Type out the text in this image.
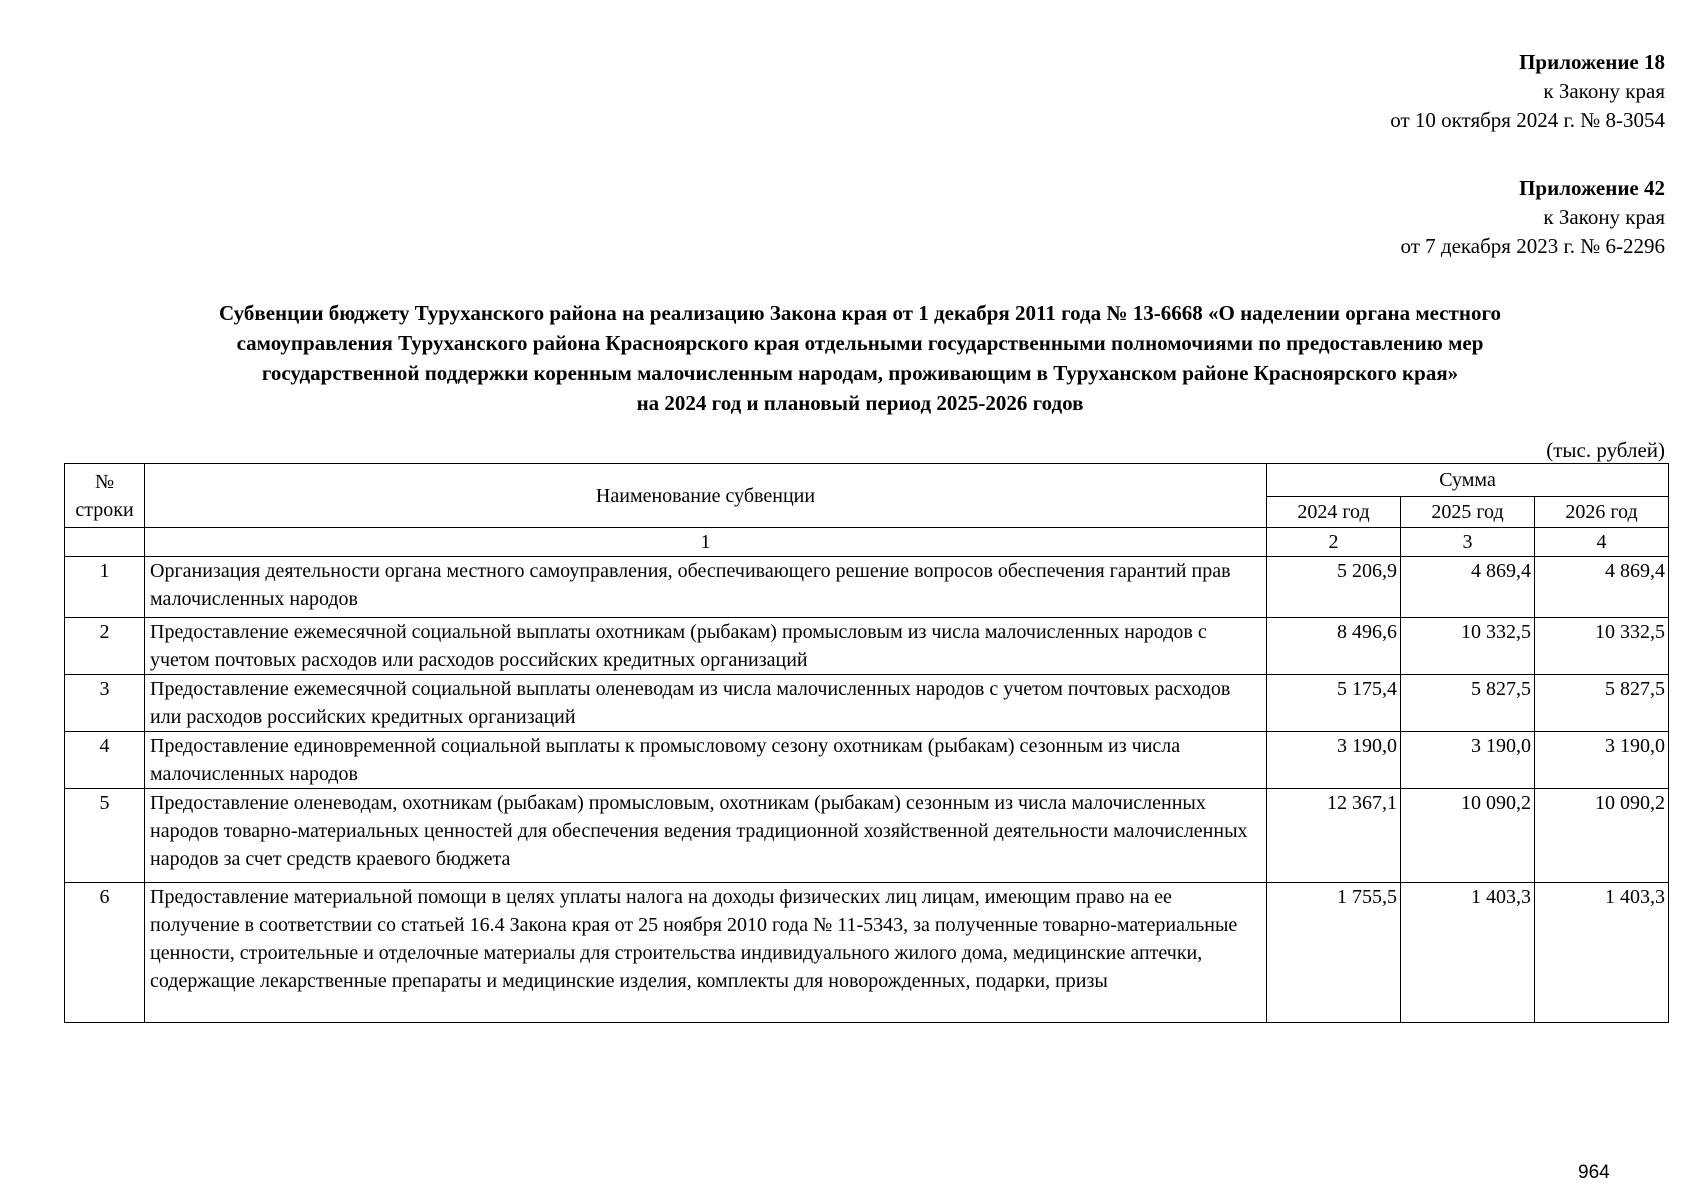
Приложение 18
к Закону края
от 10 октября 2024 г. № 8-3054
Приложение 42
к Закону края
от 7 декабря 2023 г. № 6-2296
Субвенции бюджету Туруханского района на реализацию Закона края от 1 декабря 2011 года № 13-6668 «О наделении органа местного
самоуправления Туруханского района Красноярского края отдельными государственными полномочиями по предоставлению мер
государственной поддержки коренным малочисленным народам, проживающим в Туруханском районе Красноярского края»
на 2024 год и плановый период 2025-2026 годов
(тыс. рублей)
№ строки	Наименование субвенции	Сумма		
		2024 год	2025 год	2026 год
	1	2	3	4
1	Организация деятельности органа местного самоуправления, обеспечивающего решение вопросов обеспечения гарантий прав малочисленных народов	5 206,9	4 869,4	4 869,4
2	Предоставление ежемесячной социальной выплаты охотникам (рыбакам) промысловым из числа малочисленных народов с учетом почтовых расходов или расходов российских кредитных организаций	8 496,6	10 332,5	10 332,5
3	Предоставление ежемесячной социальной выплаты оленеводам из числа малочисленных народов с учетом почтовых расходов или расходов российских кредитных организаций	5 175,4	5 827,5	5 827,5
4	Предоставление единовременной социальной выплаты к промысловому сезону охотникам (рыбакам) сезонным из числа малочисленных народов	3 190,0	3 190,0	3 190,0
5	Предоставление оленеводам, охотникам (рыбакам) промысловым, охотникам (рыбакам) сезонным из числа малочисленных народов товарно-материальных ценностей для обеспечения ведения традиционной хозяйственной деятельности малочисленных народов за счет средств краевого бюджета	12 367,1	10 090,2	10 090,2
6	Предоставление материальной помощи в целях уплаты налога на доходы физических лиц лицам, имеющим право на ее получение в соответствии со статьей 16.4 Закона края от 25 ноября 2010 года № 11-5343, за полученные товарно-материальные ценности, строительные и отделочные материалы для строительства индивидуального жилого дома, медицинские аптечки, содержащие лекарственные препараты и медицинские изделия, комплекты для новорожденных, подарки, призы	1 755,5	1 403,3	1 403,3
964
